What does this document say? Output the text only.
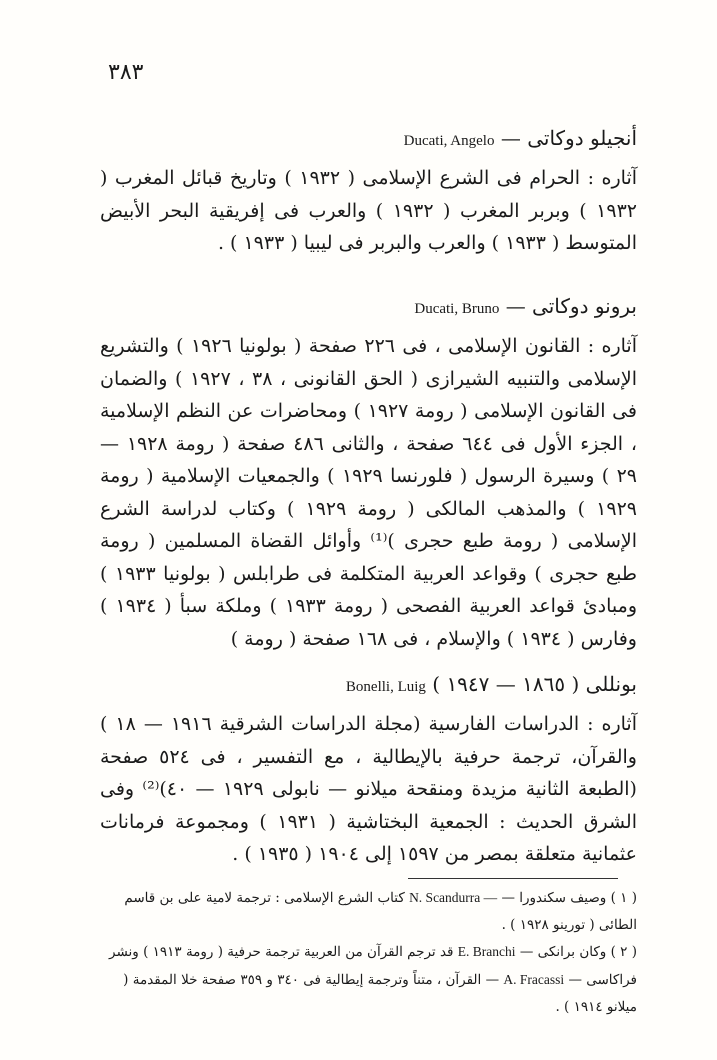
٣٨٣
أنجيلو دوكاتى — Ducati, Angelo

آثاره : الحرام فى الشرع الإسلامى ( ١٩٣٢ ) وتاريخ قبائل المغرب ( ١٩٣٢ ) وبربر المغرب ( ١٩٣٢ ) والعرب فى إفريقية البحر الأبيض المتوسط ( ١٩٣٣ ) والعرب والبربر فى ليبيا ( ١٩٣٣ ) .

برونو دوكاتى — Ducati, Bruno

آثاره : القانون الإسلامى ، فى ٢٢٦ صفحة ( بولونيا ١٩٢٦ ) والتشريع الإسلامى والتنبيه الشيرازى ( الحق القانونى ، ٣٨ ، ١٩٢٧ ) والضمان فى القانون الإسلامى ( رومة ١٩٢٧ ) ومحاضرات عن النظم الإسلامية ، الجزء الأول فى ٦٤٤ صفحة ، والثانى ٤٨٦ صفحة ( رومة ١٩٢٨ — ٢٩ ) وسيرة الرسول ( فلورنسا ١٩٢٩ ) والجمعيات الإسلامية ( رومة ١٩٢٩ ) والمذهب المالكى ( رومة ١٩٢٩ ) وكتاب لدراسة الشرع الإسلامى ( رومة طبع حجرى )⁽¹⁾ وأوائل القضاة المسلمين ( رومة طبع حجرى ) وقواعد العربية المتكلمة فى طرابلس ( بولونيا ١٩٣٣ ) ومبادئ قواعد العربية الفصحى ( رومة ١٩٣٣ ) وملكة سبأ ( ١٩٣٤ ) وفارس ( ١٩٣٤ ) والإسلام ، فى ١٦٨ صفحة ( رومة )

بونللى ( ١٨٦٥ — ١٩٤٧ ) Bonelli, Luig

آثاره : الدراسات الفارسية (مجلة الدراسات الشرقية ١٩١٦ — ١٨ ) والقرآن، ترجمة حرفية بالإيطالية ، مع التفسير ، فى ٥٢٤ صفحة (الطبعة الثانية مزيدة ومنقحة ميلانو — نابولى ١٩٢٩ — ٤٠)⁽²⁾ وفى الشرق الحديث : الجمعية البختاشية ( ١٩٣١ ) ومجموعة فرمانات عثمانية متعلقة بمصر من ١٥٩٧ إلى ١٩٠٤ ( ١٩٣٥ ) .

( ١ ) وصيف سكندورا — N. Scandurra — كتاب الشرع الإسلامى : ترجمة لامية على بن قاسم الطائى ( تورينو ١٩٢٨ ) .

( ٢ ) وكان برانكى — E. Branchi قد ترجم القرآن من العربية ترجمة حرفية ( رومة ١٩١٣ ) ونشر فراكاسى — A. Fracassi — القرآن ، متناً وترجمة إيطالية فى ٣٤٠ و ٣٥٩ صفحة خلا المقدمة ( ميلانو ١٩١٤ ) .
